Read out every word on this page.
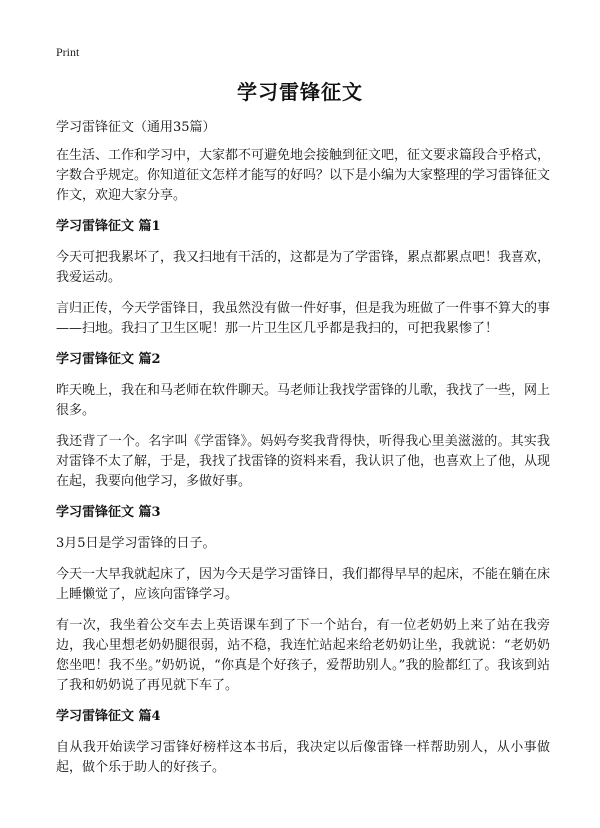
Print
学习雷锋征文

学习雷锋征文（通用35篇）

在生活、工作和学习中，大家都不可避免地会接触到征文吧，征文要求篇段合乎格式，字数合乎规定。你知道征文怎样才能写的好吗？以下是小编为大家整理的学习雷锋征文作文，欢迎大家分享。

学习雷锋征文 篇1

今天可把我累坏了，我又扫地有干活的，这都是为了学雷锋，累点都累点吧！我喜欢，我爱运动。

言归正传，今天学雷锋日，我虽然没有做一件好事，但是我为班做了一件事不算大的事——扫地。我扫了卫生区呢！那一片卫生区几乎都是我扫的，可把我累惨了！

学习雷锋征文 篇2

昨天晚上，我在和马老师在软件聊天。马老师让我找学雷锋的儿歌，我找了一些，网上很多。

我还背了一个。名字叫《学雷锋》。妈妈夸奖我背得快，听得我心里美滋滋的。其实我对雷锋不太了解，于是，我找了找雷锋的资料来看，我认识了他，也喜欢上了他，从现在起，我要向他学习，多做好事。

学习雷锋征文 篇3

3月5日是学习雷锋的日子。

今天一大早我就起床了，因为今天是学习雷锋日，我们都得早早的起床，不能在躺在床上睡懒觉了，应该向雷锋学习。

有一次，我坐着公交车去上英语课车到了下一个站台，有一位老奶奶上来了站在我旁边，我心里想老奶奶腿很弱，站不稳，我连忙站起来给老奶奶让坐，我就说：“老奶奶您坐吧！我不坐。”奶奶说，“你真是个好孩子，爱帮助别人。”我的脸都红了。我该到站了我和奶奶说了再见就下车了。

学习雷锋征文 篇4

自从我开始读学习雷锋好榜样这本书后，我决定以后像雷锋一样帮助别人，从小事做起，做个乐于助人的好孩子。
